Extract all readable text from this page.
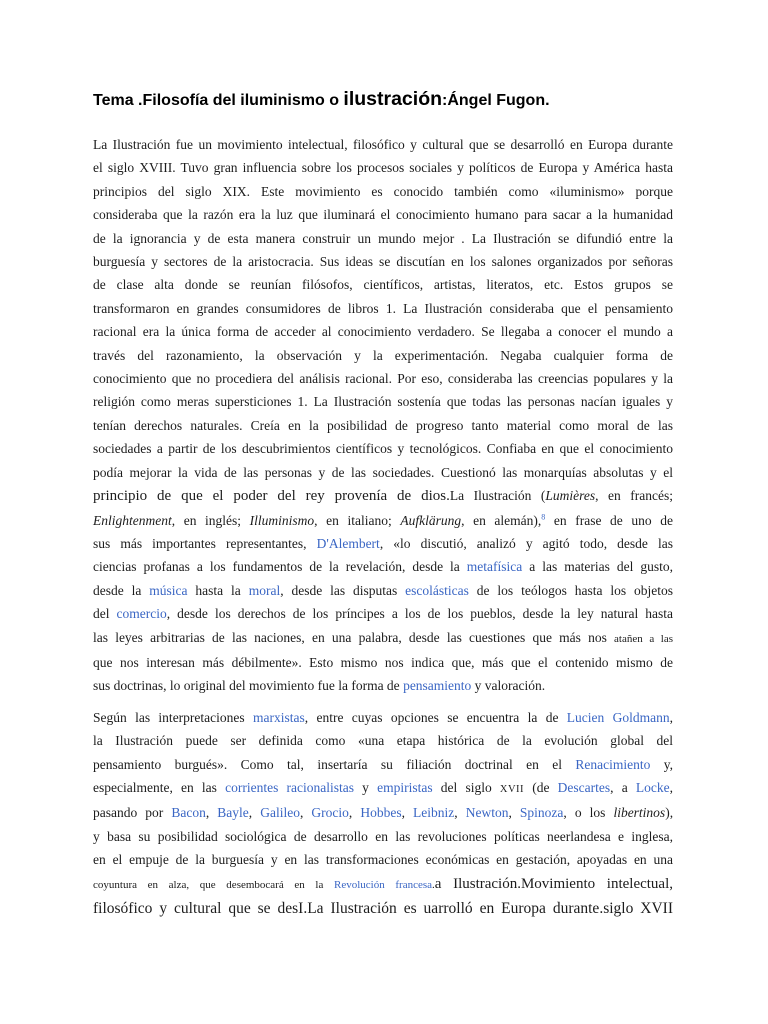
Tema .Filosofía del iluminismo o ilustración:Ángel Fugon.

La Ilustración fue un movimiento intelectual, filosófico y cultural que se desarrolló en Europa durante
el siglo XVIII. Tuvo gran influencia sobre los procesos sociales y políticos de Europa y América hasta
principios del siglo XIX. Este movimiento es conocido también como «iluminismo» porque
consideraba que la razón era la luz que iluminará el conocimiento humano para sacar a la humanidad
de la ignorancia y de esta manera construir un mundo mejor . La Ilustración se difundió entre la
burguesía y sectores de la aristocracia. Sus ideas se discutían en los salones organizados por señoras
de clase alta donde se reunían filósofos, científicos, artistas, literatos, etc. Estos grupos se
transformaron en grandes consumidores de libros 1. La Ilustración consideraba que el pensamiento
racional era la única forma de acceder al conocimiento verdadero. Se llegaba a conocer el mundo a
través del razonamiento, la observación y la experimentación. Negaba cualquier forma de
conocimiento que no procediera del análisis racional. Por eso, consideraba las creencias populares y la
religión como meras supersticiones 1. La Ilustración sostenía que todas las personas nacían iguales y
tenían derechos naturales. Creía en la posibilidad de progreso tanto material como moral de las
sociedades a partir de los descubrimientos científicos y tecnológicos. Confiaba en que el conocimiento
podía mejorar la vida de las personas y de las sociedades. Cuestionó las monarquías absolutas y el
principio de que el poder del rey provenía de dios.La Ilustración (Lumières, en francés;
Enlightenment, en inglés; Illuminismo, en italiano; Aufklärung, en alemán),$^8$ en frase de uno de
sus más importantes representantes, D'Alembert, «lo discutió, analizó y agitó todo, desde las
ciencias profanas a los fundamentos de la revelación, desde la metafísica a las materias del gusto,
desde la música hasta la moral, desde las disputas escolásticas de los teólogos hasta los objetos
del comercio, desde los derechos de los príncipes a los de los pueblos, desde la ley natural hasta
las leyes arbitrarias de las naciones, en una palabra, desde las cuestiones que más nos atañen a las
que nos interesan más débilmente». Esto mismo nos indica que, más que el contenido mismo de
sus doctrinas, lo original del movimiento fue la forma de pensamiento y valoración.

Según las interpretaciones marxistas, entre cuyas opciones se encuentra la de Lucien Goldmann,
la Ilustración puede ser definida como «una etapa histórica de la evolución global del
pensamiento burgués». Como tal, insertaría su filiación doctrinal en el Renacimiento y,
especialmente, en las corrientes racionalistas y empiristas del siglo XVII (de Descartes, a Locke,
pasando por Bacon, Bayle, Galileo, Grocio, Hobbes, Leibniz, Newton, Spinoza, o los libertinos),
y basa su posibilidad sociológica de desarrollo en las revoluciones políticas neerlandesa e inglesa,
en el empuje de la burguesía y en las transformaciones económicas en gestación, apoyadas en una
coyuntura en alza, que desembocará en la Revolución francesa.a Ilustración.Movimiento intelectual,
filosófico y cultural que se desI.La Ilustración es uarrolló en Europa durante.siglo XVII
